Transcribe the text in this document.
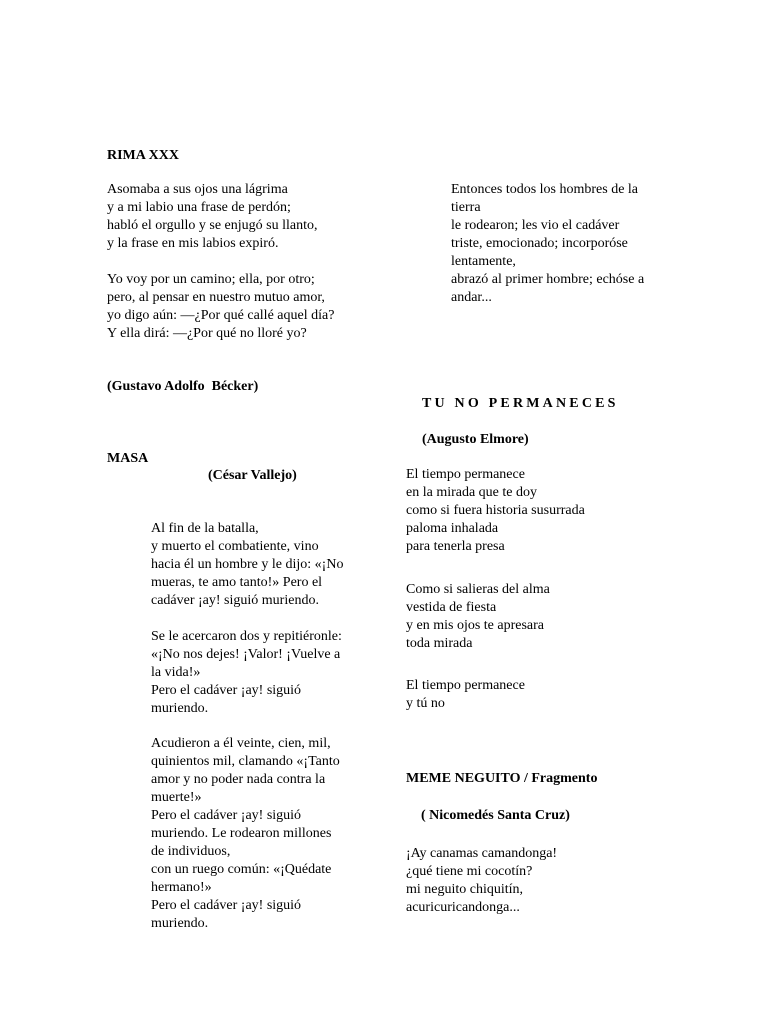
RIMA XXX
Asomaba a sus ojos una lágrima
y a mi labio una frase de perdón;
habló el orgullo y se enjugó su llanto,
y la frase en mis labios expiró.
Yo voy por un camino; ella, por otro;
pero, al pensar en nuestro mutuo amor,
yo digo aún: —¿Por qué callé aquel día?
Y ella dirá: —¿Por qué no lloré yo?
(Gustavo Adolfo  Bécker)
MASA
(César Vallejo)
Al fin de la batalla,
y muerto el combatiente, vino
hacia él un hombre y le dijo: «¡No
mueras, te amo tanto!» Pero el
cadáver ¡ay! siguió muriendo.
Se le acercaron dos y repitiéronle:
«¡No nos dejes! ¡Valor! ¡Vuelve a
la vida!»
Pero el cadáver ¡ay! siguió
muriendo.
Acudieron a él veinte, cien, mil,
quinientos mil, clamando «¡Tanto
amor y no poder nada contra la
muerte!»
Pero el cadáver ¡ay! siguió
muriendo. Le rodearon millones
de individuos,
con un ruego común: «¡Quédate
hermano!»
Pero el cadáver ¡ay! siguió
muriendo.
Entonces todos los hombres de la
tierra
le rodearon; les vio el cadáver
triste, emocionado; incorporóse
lentamente,
abrazó al primer hombre; echóse a
andar...
TU NO PERMANECES
(Augusto Elmore)
El tiempo permanece
en la mirada que te doy
como si fuera historia susurrada
paloma inhalada
para tenerla presa
Como si salieras del alma
vestida de fiesta
y en mis ojos te apresara
toda mirada
El tiempo permanece
y tú no
MEME NEGUITO / Fragmento
( Nicomedés Santa Cruz)
¡Ay canamas camandonga!
¿qué tiene mi cocotín?
mi neguito chiquitín,
acuricuricandonga...
